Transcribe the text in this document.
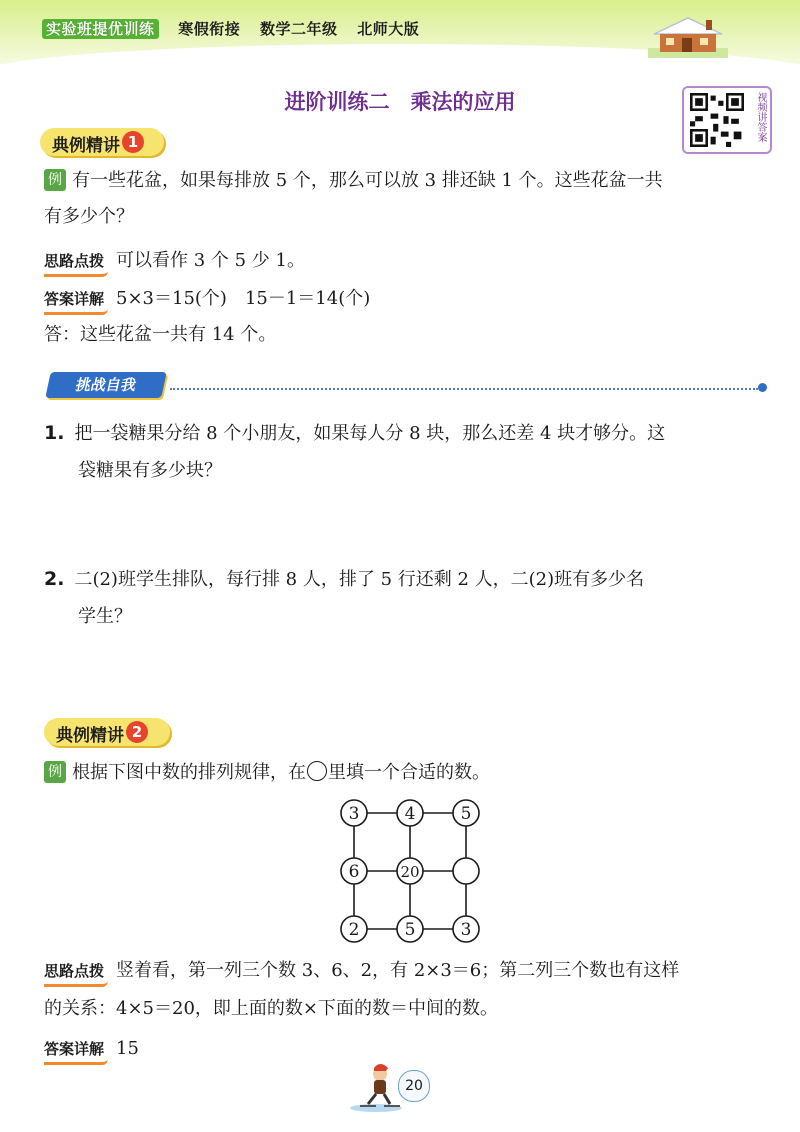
实验班提优训练 寒假衔接 数学二年级 北师大版
进阶训练二　乘法的应用	视频讲答案
典例精讲 1
例 有一些花盆，如果每排放 5 个，那么可以放 3 排还缺 1 个。这些花盆一共
有多少个？
思路点拨 可以看作 3 个 5 少 1。
答案详解 5×3＝15(个)　15－1＝14(个)
答：这些花盆一共有 14 个。
挑战自我
1. 把一袋糖果分给 8 个小朋友，如果每人分 8 块，那么还差 4 块才够分。这
袋糖果有多少块？
2. 二(2)班学生排队，每行排 8 人，排了 5 行还剩 2 人，二(2)班有多少名
学生？
典例精讲 2
例 根据下图中数的排列规律，在 里填一个合适的数。
3	4	5
6	20
2	5	3
思路点拨 竖着看，第一列三个数 3、6、2，有 2×3＝6；第二列三个数也有这样
的关系：4×5＝20，即上面的数×下面的数＝中间的数。
答案详解 15
20
